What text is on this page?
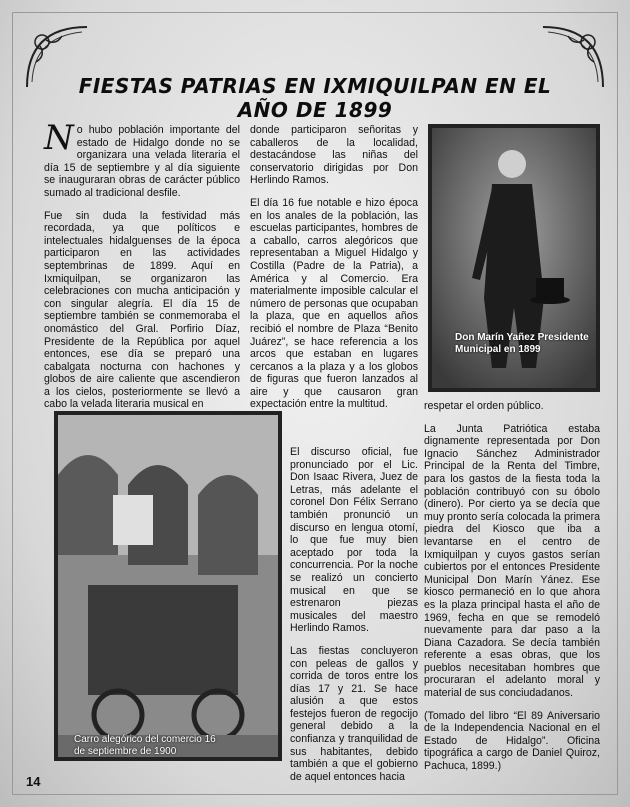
FIESTAS PATRIAS EN IXMIQUILPAN EN EL AÑO DE 1899

No hubo población importante del estado de Hidalgo donde no se organizara una velada literaria el día 15 de septiembre y al día siguiente se inauguraran obras de carácter público sumado al tradicional desfile.

Fue sin duda la festividad más recordada, ya que políticos e intelectuales hidalguenses de la época participaron en las actividades septembrinas de 1899. Aquí en Ixmiquilpan, se organizaron las celebraciones con mucha anticipación y con singular alegría. El día 15 de septiembre también se conmemoraba el onomástico del Gral. Porfirio Díaz, Presidente de la República por aquel entonces, ese día se preparó una cabalgata nocturna con hachones y globos de aire caliente que ascendieron a los cielos, posteriormente se llevó a cabo la velada literaria musical en

donde participaron señoritas y caballeros de la localidad, destacándose las niñas del conservatorio dirigidas por Don Herlindo Ramos.

El día 16 fue notable e hizo época en los anales de la población, las escuelas participantes, hombres de a caballo, carros alegóricos que representaban a Miguel Hidalgo y Costilla (Padre de la Patria), a América y al Comercio. Era materialmente imposible calcular el número de personas que ocupaban la plaza, que en aquellos años recibió el nombre de Plaza “Benito Juárez”, se hace referencia a los arcos que estaban en lugares cercanos a la plaza y a los globos de figuras que fueron lanzados al aire y que causaron gran expectación entre la multitud.

El discurso oficial, fue pronunciado por el Lic. Don Isaac Rivera, Juez de Letras, más adelante el coronel Don Félix Serrano también pronunció un discurso en lengua otomí, lo que fue muy bien aceptado por toda la concurrencia. Por la noche se realizó un concierto musical en que se estrenaron piezas musicales del maestro Herlindo Ramos.

Las fiestas concluyeron con peleas de gallos y corrida de toros entre los días 17 y 21. Se hace alusión a que estos festejos fueron de regocijo general debido a la confianza y tranquilidad de sus habitantes, debido también a que el gobierno de aquel entonces hacia

respetar el orden público.

La Junta Patriótica estaba dignamente representada por Don Ignacio Sánchez Administrador Principal de la Renta del Timbre, para los gastos de la fiesta toda la población contribuyó con su óbolo (dinero). Por cierto ya se decía que muy pronto sería colocada la primera piedra del Kiosco que iba a levantarse en el centro de Ixmiquilpan y cuyos gastos serían cubiertos por el entonces Presidente Municipal Don Marín Yánez. Ese kiosco permaneció en lo que ahora es la plaza principal hasta el año de 1969, fecha en que se remodeló nuevamente para dar paso a la Diana Cazadora. Se decía también referente a esas obras, que los pueblos necesitaban hombres que procuraran el adelanto moral y material de sus conciudadanos.

(Tomado del libro “El 89 Aniversario de la Independencia Nacional en el Estado de Hidalgo”. Oficina tipográfica a cargo de Daniel Quiroz, Pachuca, 1899.)

Don Marín Yañez Presidente Municipal en 1899
Carro alegórico del comercio 16 de septiembre de 1900
14
